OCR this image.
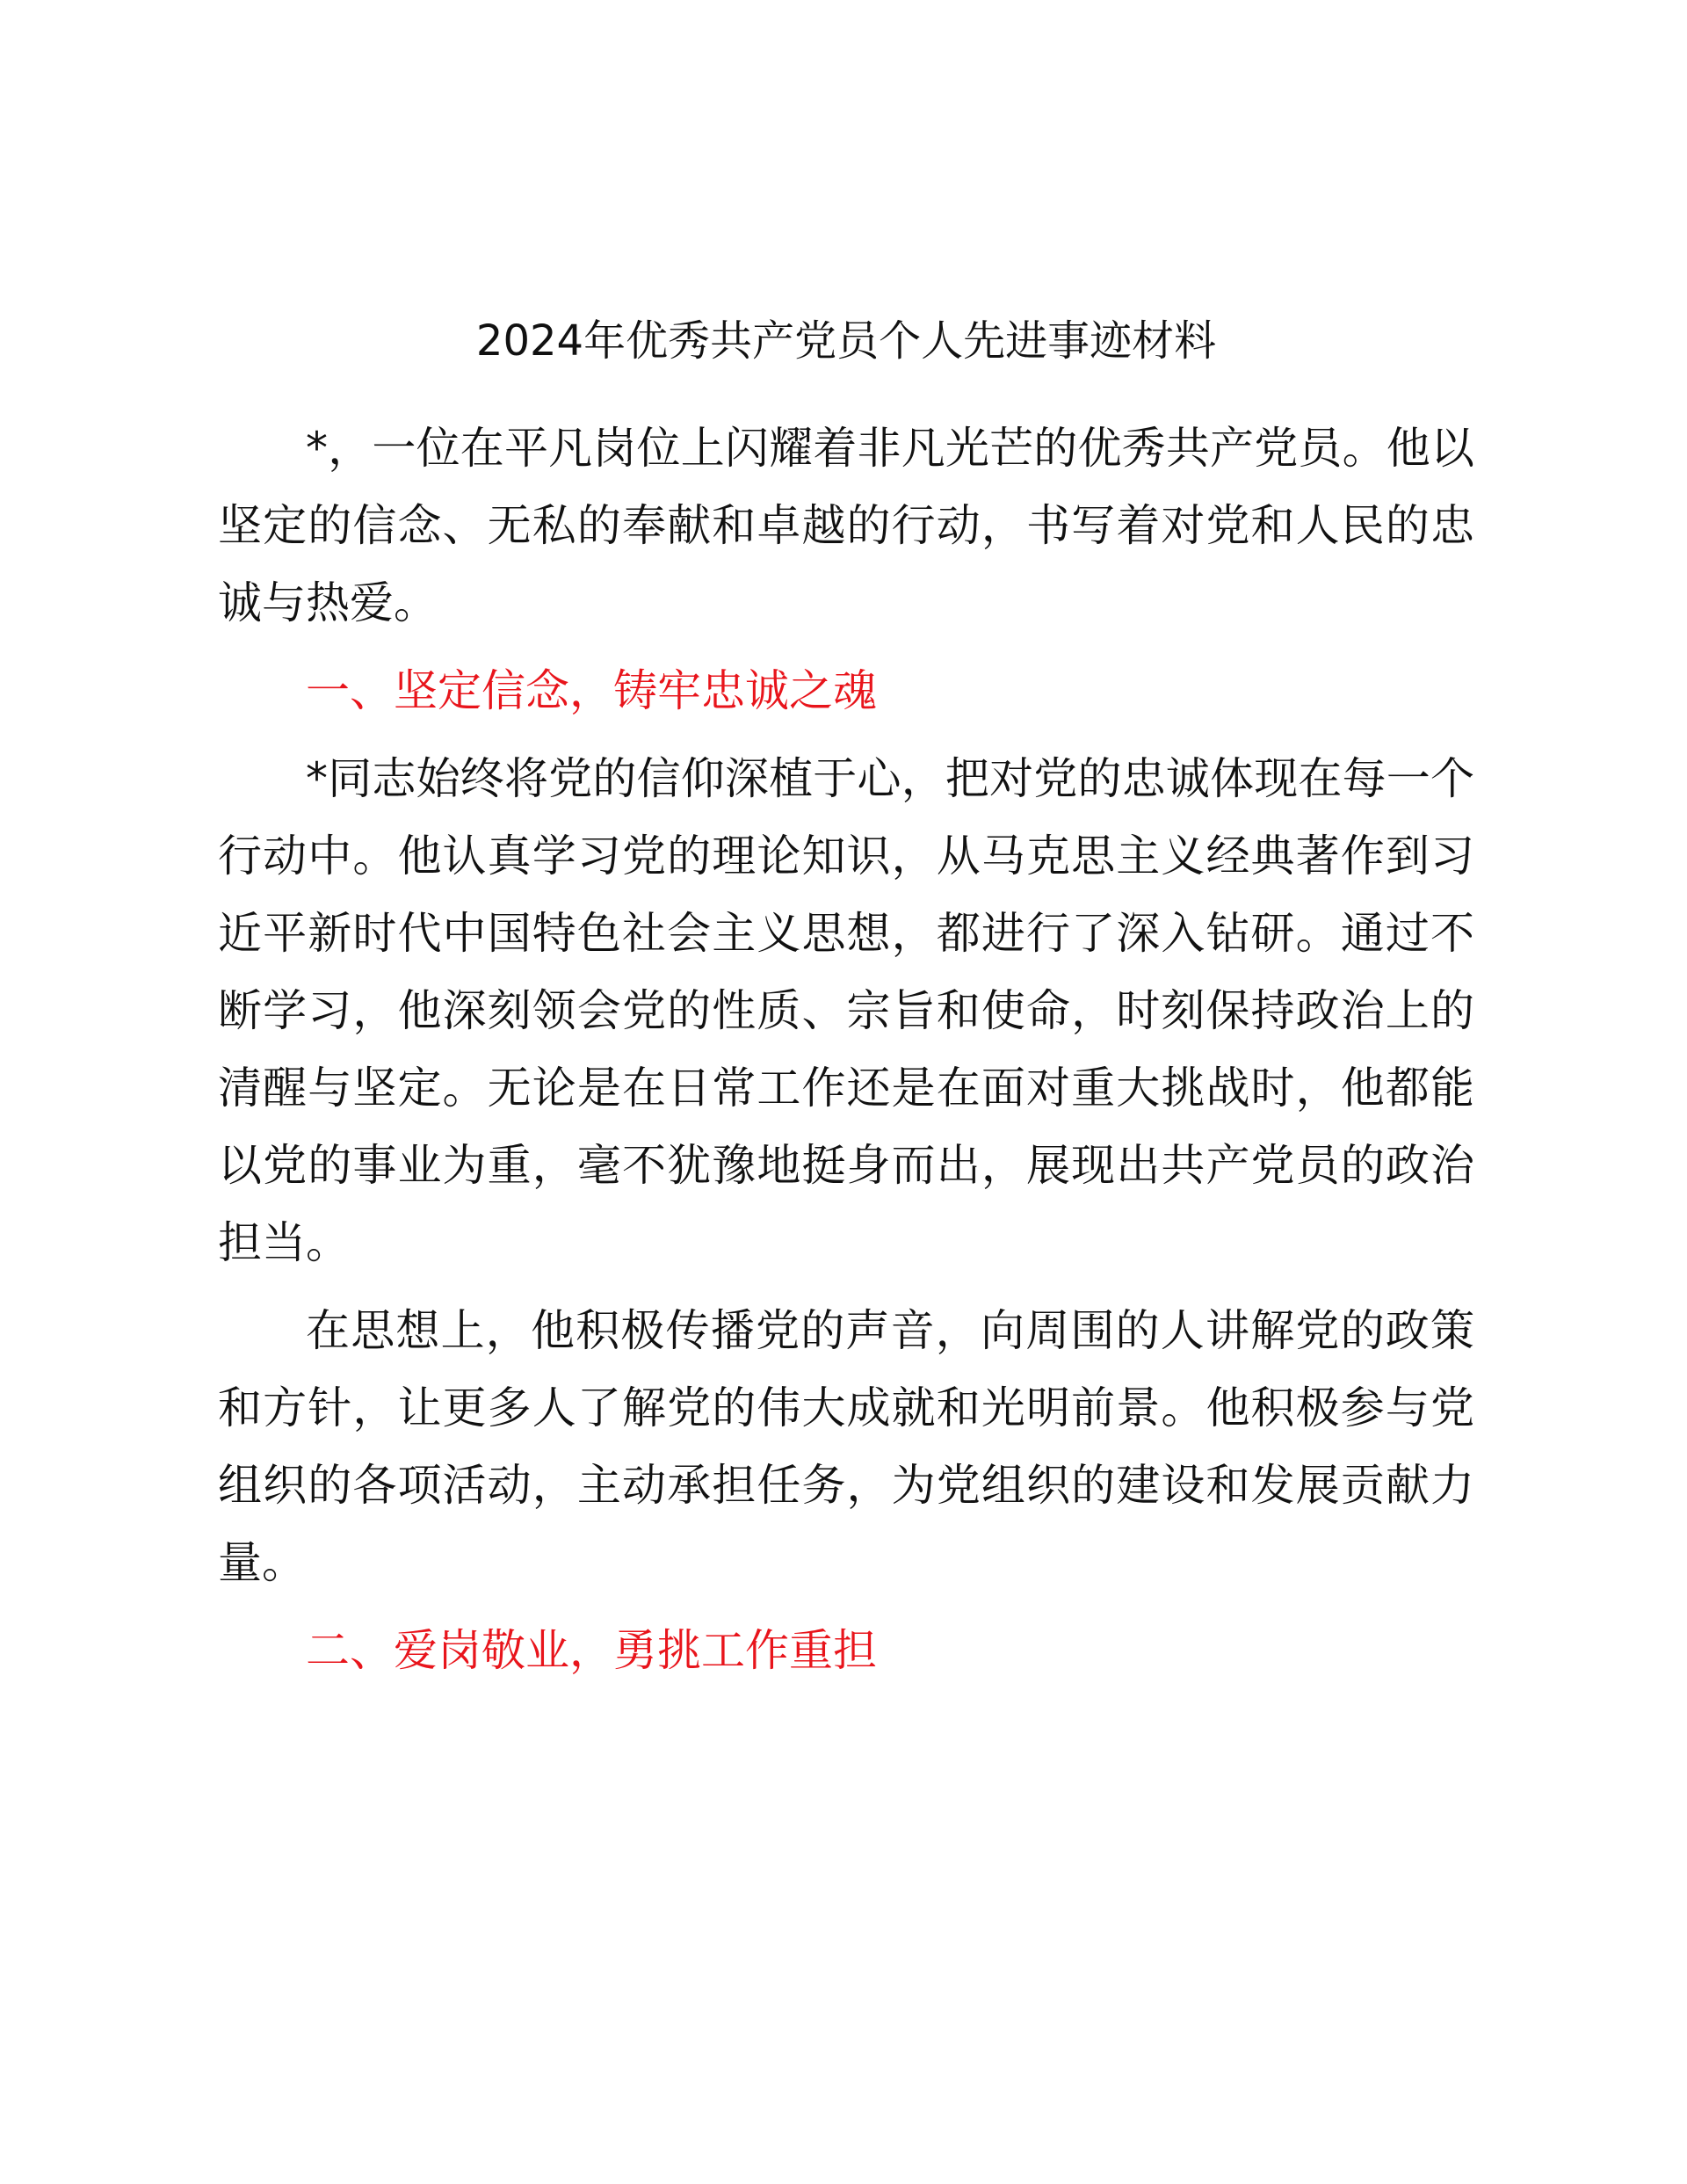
2024年优秀共产党员个人先进事迹材料

*，一位在平凡岗位上闪耀着非凡光芒的优秀共产党员。他以坚定的信念、无私的奉献和卓越的行动，书写着对党和人民的忠诚与热爱。

一、坚定信念，铸牢忠诚之魂

*同志始终将党的信仰深植于心，把对党的忠诚体现在每一个行动中。他认真学习党的理论知识，从马克思主义经典著作到习近平新时代中国特色社会主义思想，都进行了深入钻研。通过不断学习，他深刻领会党的性质、宗旨和使命，时刻保持政治上的清醒与坚定。无论是在日常工作还是在面对重大挑战时，他都能以党的事业为重，毫不犹豫地挺身而出，展现出共产党员的政治担当。

在思想上，他积极传播党的声音，向周围的人讲解党的政策和方针，让更多人了解党的伟大成就和光明前景。他积极参与党组织的各项活动，主动承担任务，为党组织的建设和发展贡献力量。

二、爱岗敬业，勇挑工作重担
